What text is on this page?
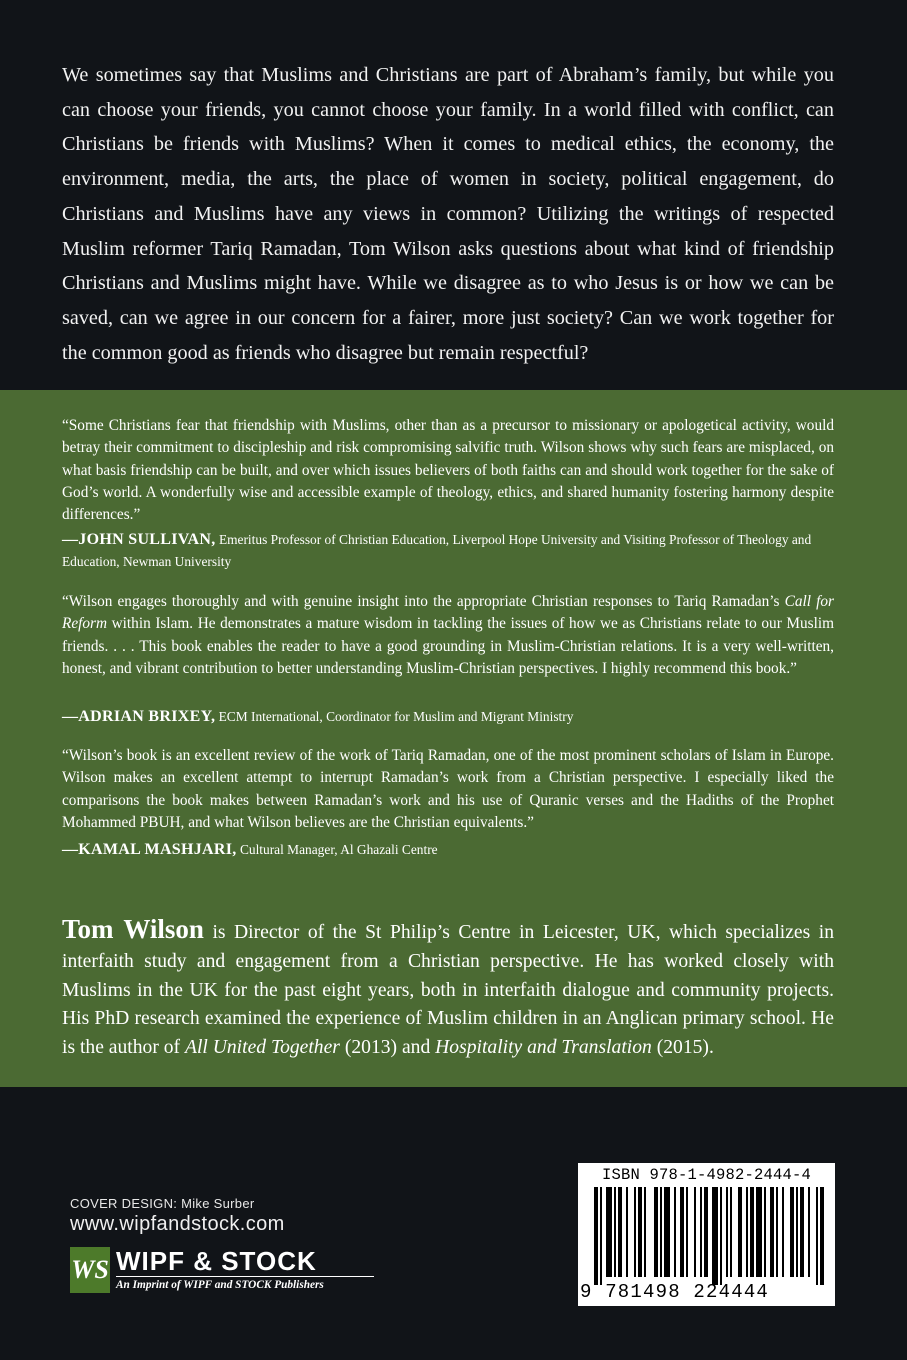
We sometimes say that Muslims and Christians are part of Abraham’s family, but while you can choose your friends, you cannot choose your family. In a world filled with conflict, can Christians be friends with Muslims? When it comes to medical ethics, the economy, the environment, media, the arts, the place of women in society, political engagement, do Christians and Muslims have any views in common? Utilizing the writings of respected Muslim reformer Tariq Ramadan, Tom Wilson asks questions about what kind of friendship Christians and Muslims might have. While we disagree as to who Jesus is or how we can be saved, can we agree in our concern for a fairer, more just society? Can we work together for the common good as friends who disagree but remain respectful?

“Some Christians fear that friendship with Muslims, other than as a precursor to missionary or apologetical activity, would betray their commitment to discipleship and risk compromising salvific truth. Wilson shows why such fears are misplaced, on what basis friendship can be built, and over which issues believers of both faiths can and should work together for the sake of God’s world. A wonderfully wise and accessible example of theology, ethics, and shared humanity fostering harmony despite differences.”

—JOHN SULLIVAN, Emeritus Professor of Christian Education, Liverpool Hope University and Visiting Professor of Theology and Education, Newman University

“Wilson engages thoroughly and with genuine insight into the appropriate Christian responses to Tariq Ramadan’s Call for Reform within Islam. He demonstrates a mature wisdom in tackling the issues of how we as Christians relate to our Muslim friends. . . . This book enables the reader to have a good grounding in Muslim-Christian relations. It is a very well-written, honest, and vibrant contribution to better understanding Muslim-Christian perspectives. I highly recommend this book.”

—ADRIAN BRIXEY, ECM International, Coordinator for Muslim and Migrant Ministry

“Wilson’s book is an excellent review of the work of Tariq Ramadan, one of the most prominent scholars of Islam in Europe. Wilson makes an excellent attempt to interrupt Ramadan’s work from a Christian perspective. I especially liked the comparisons the book makes between Ramadan’s work and his use of Quranic verses and the Hadiths of the Prophet Mohammed PBUH, and what Wilson believes are the Christian equivalents.”

—KAMAL MASHJARI, Cultural Manager, Al Ghazali Centre

Tom Wilson is Director of the St Philip’s Centre in Leicester, UK, which specializes in interfaith study and engagement from a Christian perspective. He has worked closely with Muslims in the UK for the past eight years, both in interfaith dialogue and community projects. His PhD research examined the experience of Muslim children in an Anglican primary school. He is the author of All United Together (2013) and Hospitality and Translation (2015).

COVER DESIGN: Mike Surber
www.wipfandstock.com
WS WIPF & STOCK
An Imprint of WIPF and STOCK Publishers
ISBN 978-1-4982-2444-4
9 781498 224444
